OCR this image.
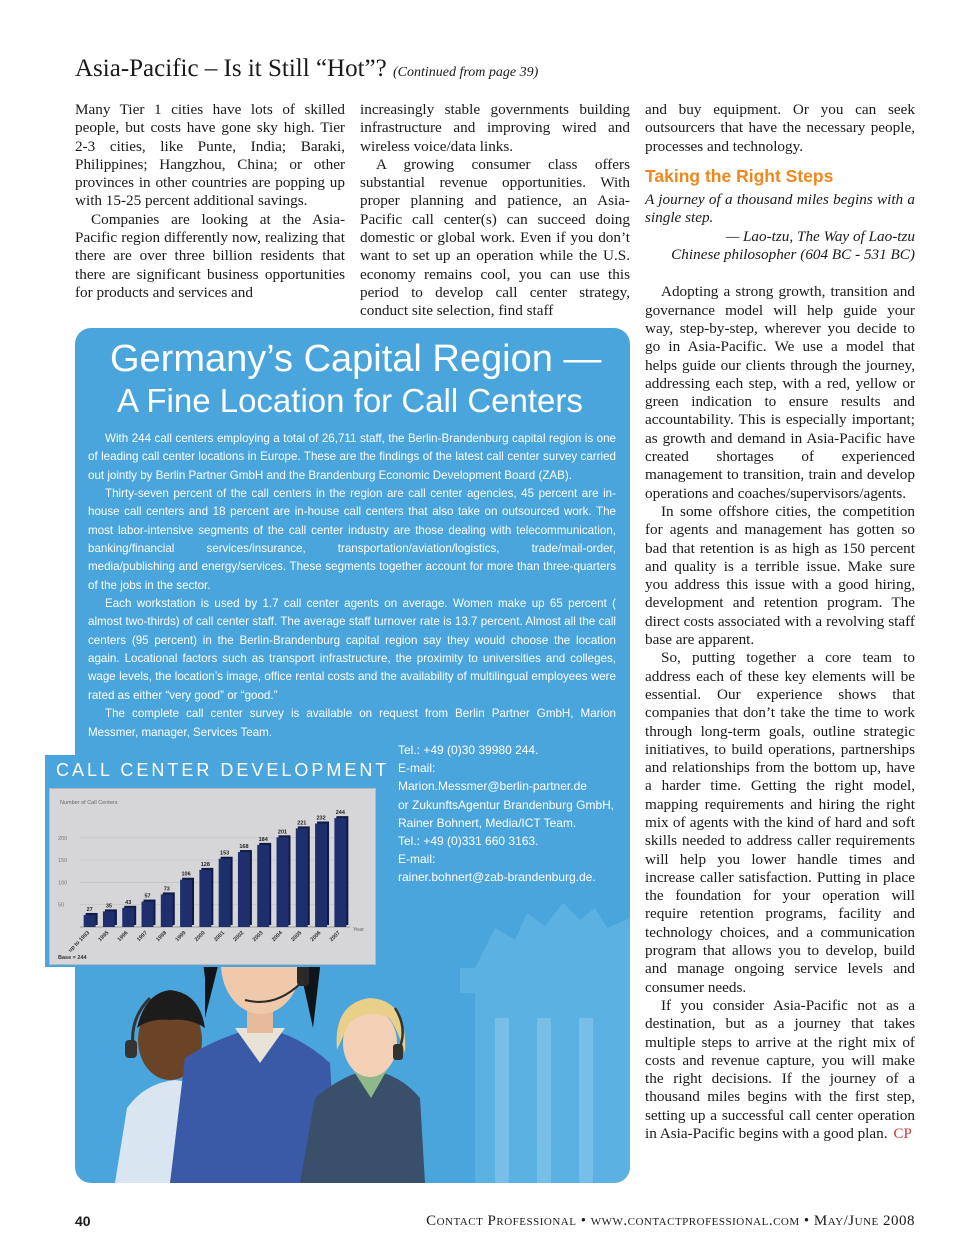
Asia-Pacific – Is it Still “Hot”? (Continued from page 39)

Many Tier 1 cities have lots of skilled people, but costs have gone sky high. Tier 2-3 cities, like Punte, India; Baraki, Philippines; Hangzhou, China; or other provinces in other countries are popping up with 15-25 percent additional savings.

Companies are looking at the Asia-Pacific region differently now, realizing that there are over three billion residents that there are significant business opportunities for products and services and

increasingly stable governments building infrastructure and improving wired and wireless voice/data links.

A growing consumer class offers substantial revenue opportunities. With proper planning and patience, an Asia-Pacific call center(s) can succeed doing domestic or global work. Even if you don’t want to set up an operation while the U.S. economy remains cool, you can use this period to develop call center strategy, conduct site selection, find staff

and buy equipment. Or you can seek outsourcers that have the necessary people, processes and technology.

Taking the Right Steps
A journey of a thousand miles begins with a single step.
— Lao-tzu, The Way of Lao-tzu
Chinese philosopher (604 BC - 531 BC)

Adopting a strong growth, transition and governance model will help guide your way, step-by-step, wherever you decide to go in Asia-Pacific. We use a model that helps guide our clients through the journey, addressing each step, with a red, yellow or green indication to ensure results and accountability. This is especially important; as growth and demand in Asia-Pacific have created shortages of experienced management to transition, train and develop operations and coaches/supervisors/agents.

In some offshore cities, the competition for agents and management has gotten so bad that retention is as high as 150 percent and quality is a terrible issue. Make sure you address this issue with a good hiring, development and retention program. The direct costs associated with a revolving staff base are apparent.

So, putting together a core team to address each of these key elements will be essential. Our experience shows that companies that don’t take the time to work through long-term goals, outline strategic initiatives, to build operations, partnerships and relationships from the bottom up, have a harder time. Getting the right model, mapping requirements and hiring the right mix of agents with the kind of hard and soft skills needed to address caller requirements will help you lower handle times and increase caller satisfaction. Putting in place the foundation for your operation will require retention programs, facility and technology choices, and a communication program that allows you to develop, build and manage ongoing service levels and consumer needs.

If you consider Asia-Pacific not as a destination, but as a journey that takes multiple steps to arrive at the right mix of costs and revenue capture, you will make the right decisions. If the journey of a thousand miles begins with the first step, setting up a successful call center operation in Asia-Pacific begins with a good plan. CP

Germany’s Capital Region —
A Fine Location for Call Centers

With 244 call centers employing a total of 26,711 staff, the Berlin-Brandenburg capital region is one of leading call center locations in Europe. These are the findings of the latest call center survey carried out jointly by Berlin Partner GmbH and the Brandenburg Economic Development Board (ZAB).

Thirty-seven percent of the call centers in the region are call center agencies, 45 percent are in-house call centers and 18 percent are in-house call centers that also take on outsourced work. The most labor-intensive segments of the call center industry are those dealing with telecommunication, banking/financial services/insurance, transportation/aviation/logistics, trade/mail-order, media/publishing and energy/services. These segments together account for more than three-quarters of the jobs in the sector.

Each workstation is used by 1.7 call center agents on average. Women make up 65 percent ( almost two-thirds) of call center staff. The average staff turnover rate is 13.7 percent. Almost all the call centers (95 percent) in the Berlin-Brandenburg capital region say they would choose the location again. Locational factors such as transport infrastructure, the proximity to universities and colleges, wage levels, the location’s image, office rental costs and the availability of multilingual employees were rated as either “very good” or “good.”

The complete call center survey is available on request from Berlin Partner GmbH, Marion Messmer, manager, Services Team.

Tel.: +49 (0)30 39980 244.
E-mail:
Marion.Messmer@berlin-partner.de
or ZukunftsAgentur Brandenburg GmbH,
Rainer Bohnert, Media/ICT Team.
Tel.: +49 (0)331 660 3163.
E-mail:
rainer.bohnert@zab-brandenburg.de.
CALL CENTER DEVELOPMENT
Number of Call Centers
Year
Base = 244
50
100
150
200
27
up to 1993
35
1995
43
1996
57
1997
73
1998
106
1999
128
2000
153
2001
168
2002
184
2003
201
2004
221
2005
232
2006
244
2007
40	Contact Professional • www.contactprofessional.com • May/June 2008
